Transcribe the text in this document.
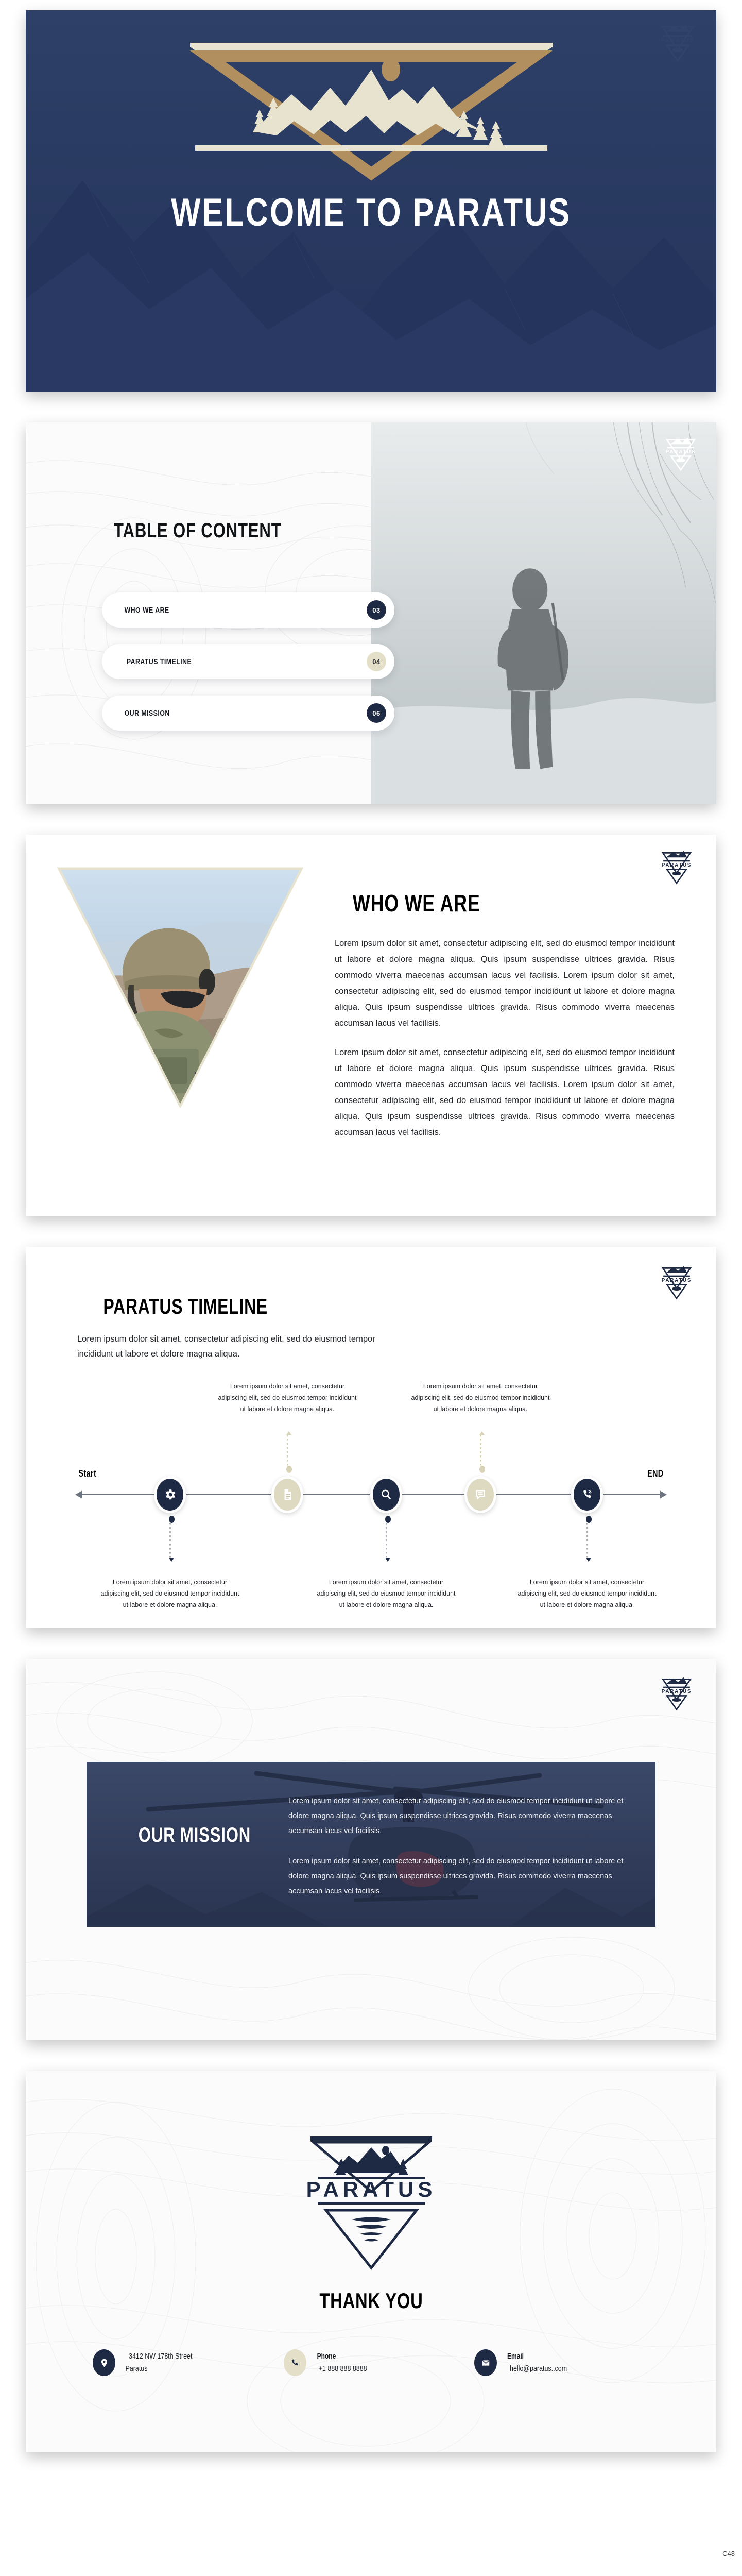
WELCOME TO PARATUS
PARATUS
TABLE OF CONTENT
WHO WE ARE	03
PARATUS TIMELINE	04
OUR MISSION	06
PARATUS
WHO WE ARE
Lorem ipsum dolor sit amet, consectetur adipiscing elit, sed do eiusmod tempor incididunt ut labore et dolore magna aliqua. Quis ipsum suspendisse ultrices gravida. Risus commodo viverra maecenas accumsan lacus vel facilisis. Lorem ipsum dolor sit amet, consectetur adipiscing elit, sed do eiusmod tempor incididunt ut labore et dolore magna aliqua. Quis ipsum suspendisse ultrices gravida. Risus commodo viverra maecenas accumsan lacus vel facilisis.
Lorem ipsum dolor sit amet, consectetur adipiscing elit, sed do eiusmod tempor incididunt ut labore et dolore magna aliqua. Quis ipsum suspendisse ultrices gravida. Risus commodo viverra maecenas accumsan lacus vel facilisis. Lorem ipsum dolor sit amet, consectetur adipiscing elit, sed do eiusmod tempor incididunt ut labore et dolore magna aliqua. Quis ipsum suspendisse ultrices gravida. Risus commodo viverra maecenas accumsan lacus vel facilisis.
PARATUS
PARATUS TIMELINE
Lorem ipsum dolor sit amet, consectetur adipiscing elit, sed do eiusmod tempor incididunt ut labore et dolore magna aliqua.
PARATUS
Start	END
Lorem ipsum dolor sit amet, consectetur adipiscing elit, sed do eiusmod tempor incididunt ut labore et dolore magna aliqua.
Lorem ipsum dolor sit amet, consectetur adipiscing elit, sed do eiusmod tempor incididunt ut labore et dolore magna aliqua.
Lorem ipsum dolor sit amet, consectetur adipiscing elit, sed do eiusmod tempor incididunt ut labore et dolore magna aliqua.
Lorem ipsum dolor sit amet, consectetur adipiscing elit, sed do eiusmod tempor incididunt ut labore et dolore magna aliqua.
Lorem ipsum dolor sit amet, consectetur adipiscing elit, sed do eiusmod tempor incididunt ut labore et dolore magna aliqua.
OUR MISSION
Lorem ipsum dolor sit amet, consectetur adipiscing elit, sed do eiusmod tempor incididunt ut labore et dolore magna aliqua. Quis ipsum suspendisse ultrices gravida. Risus commodo viverra maecenas accumsan lacus vel facilisis.
Lorem ipsum dolor sit amet, consectetur adipiscing elit, sed do eiusmod tempor incididunt ut labore et dolore magna aliqua. Quis ipsum suspendisse ultrices gravida. Risus commodo viverra maecenas accumsan lacus vel facilisis.
PARATUS
PARATUS
THANK YOU
3412 NW 178th Street
Paratus
Phone
+1 888 888 8888
Email
hello@paratus..com
C48
